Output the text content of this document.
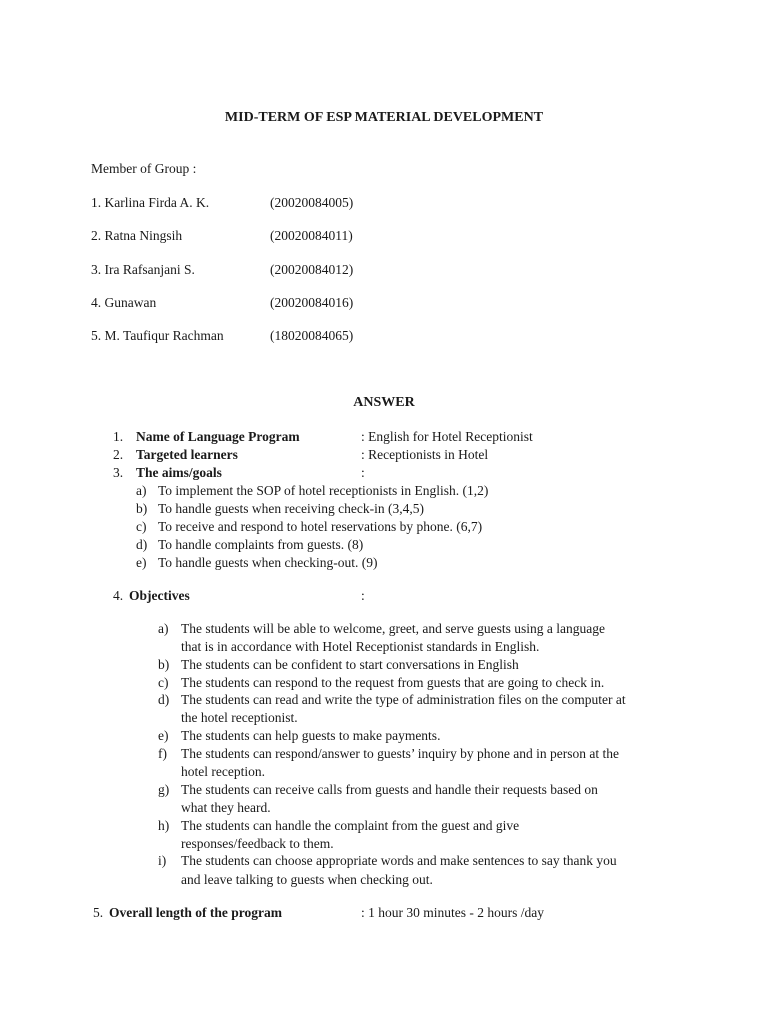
MID-TERM OF ESP MATERIAL DEVELOPMENT
Member of Group :
1. Karlina Firda A. K.	(20020084005)
2. Ratna Ningsih	(20020084011)
3. Ira Rafsanjani S.	(20020084012)
4. Gunawan	(20020084016)
5. M. Taufiqur Rachman	(18020084065)
ANSWER
1. Name of Language Program	: English for Hotel Receptionist
2. Targeted learners	: Receptionists in Hotel
3. The aims/goals	:
a) To implement the SOP of hotel receptionists in English. (1,2)
b) To handle guests when receiving check-in (3,4,5)
c) To receive and respond to hotel reservations by phone. (6,7)
d) To handle complaints from guests. (8)
e) To handle guests when checking-out. (9)
4. Objectives	:
a) The students will be able to welcome, greet, and serve guests using a language
that is in accordance with Hotel Receptionist standards in English.
b) The students can be confident to start conversations in English
c) The students can respond to the request from guests that are going to check in.
d) The students can read and write the type of administration files on the computer at
the hotel receptionist.
e) The students can help guests to make payments.
f) The students can respond/answer to guests’ inquiry by phone and in person at the
hotel reception.
g) The students can receive calls from guests and handle their requests based on
what they heard.
h) The students can handle the complaint from the guest and give
responses/feedback to them.
i) The students can choose appropriate words and make sentences to say thank you
and leave talking to guests when checking out.
5. Overall length of the program	: 1 hour 30 minutes - 2 hours /day
